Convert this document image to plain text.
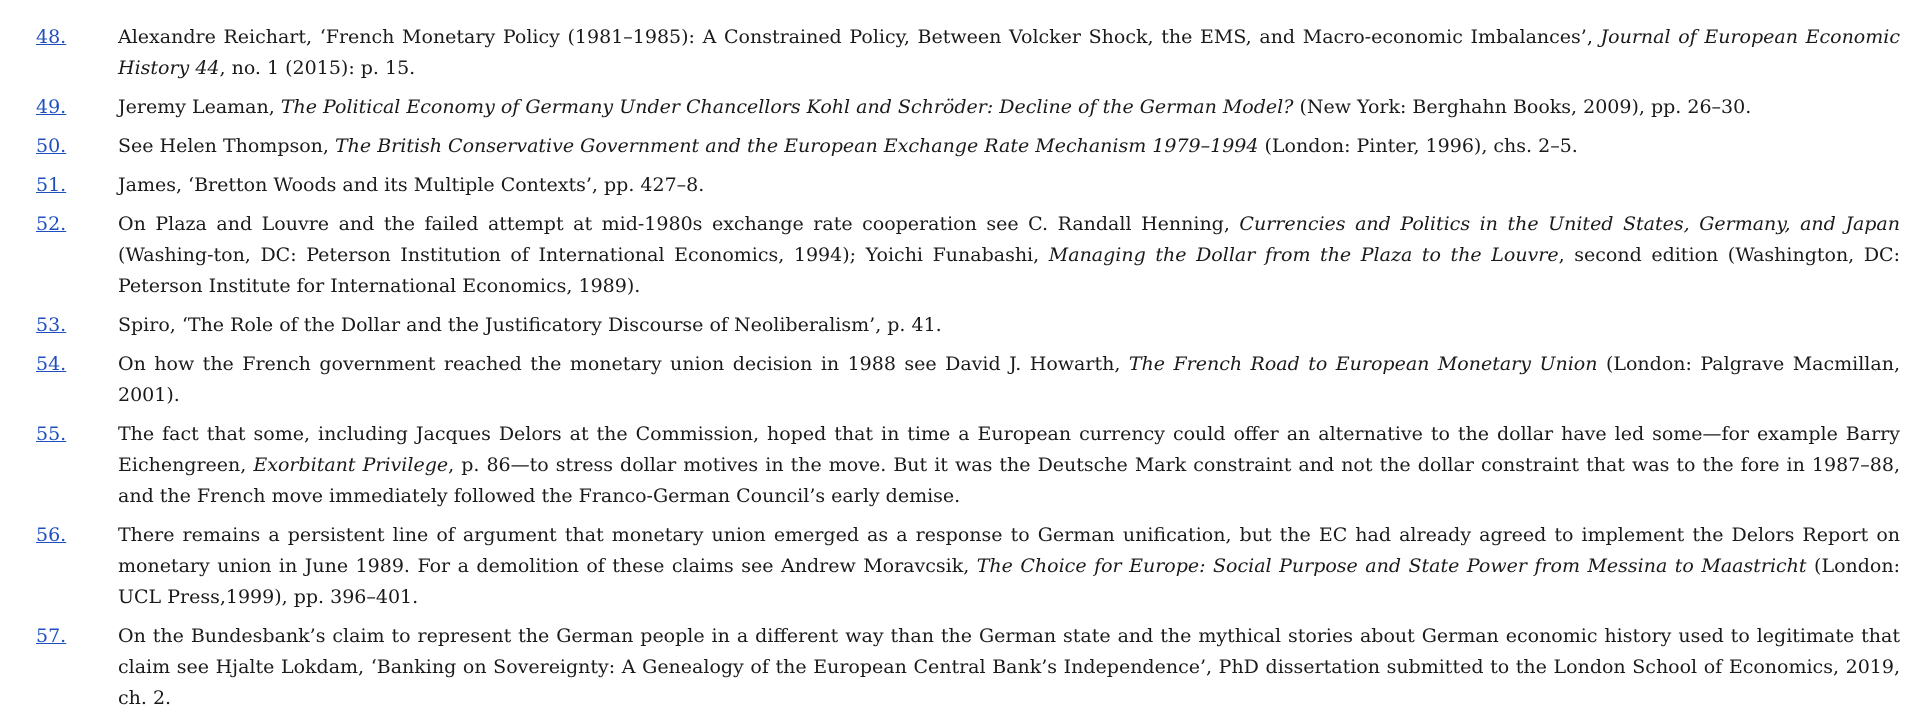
48.	Alexandre Reichart, ‘French Monetary Policy (1981–1985): A Constrained Policy, Between Volcker Shock, the EMS, and Macro-economic Imbalances’, Journal of European Economic History 44, no. 1 (2015): p. 15.
49.	Jeremy Leaman, The Political Economy of Germany Under Chancellors Kohl and Schröder: Decline of the German Model? (New York: Berghahn Books, 2009), pp. 26–30.
50.	See Helen Thompson, The British Conservative Government and the European Exchange Rate Mechanism 1979–1994 (London: Pinter, 1996), chs. 2–5.
51.	James, ‘Bretton Woods and its Multiple Contexts’, pp. 427–8.
52.	On Plaza and Louvre and the failed attempt at mid-1980s exchange rate cooperation see C. Randall Henning, Currencies and Politics in the United States, Germany, and Japan (Washing-ton, DC: Peterson Institution of International Economics, 1994); Yoichi Funabashi, Managing the Dollar from the Plaza to the Louvre, second edition (Washington, DC: Peterson Institute for International Economics, 1989).
53.	Spiro, ‘The Role of the Dollar and the Justificatory Discourse of Neoliberalism’, p. 41.
54.	On how the French government reached the monetary union decision in 1988 see David J. Howarth, The French Road to European Monetary Union (London: Palgrave Macmillan, 2001).
55.	The fact that some, including Jacques Delors at the Commission, hoped that in time a European currency could offer an alternative to the dollar have led some—for example Barry Eichengreen, Exorbitant Privilege, p. 86—to stress dollar motives in the move. But it was the Deutsche Mark constraint and not the dollar constraint that was to the fore in 1987–88, and the French move immediately followed the Franco-German Council’s early demise.
56.	There remains a persistent line of argument that monetary union emerged as a response to German unification, but the EC had already agreed to implement the Delors Report on monetary union in June 1989. For a demolition of these claims see Andrew Moravcsik, The Choice for Europe: Social Purpose and State Power from Messina to Maastricht (London: UCL Press,1999), pp. 396–401.
57.	On the Bundesbank’s claim to represent the German people in a different way than the German state and the mythical stories about German economic history used to legitimate that claim see Hjalte Lokdam, ‘Banking on Sovereignty: A Genealogy of the European Central Bank’s Independence’, PhD dissertation submitted to the London School of Economics, 2019, ch. 2.
